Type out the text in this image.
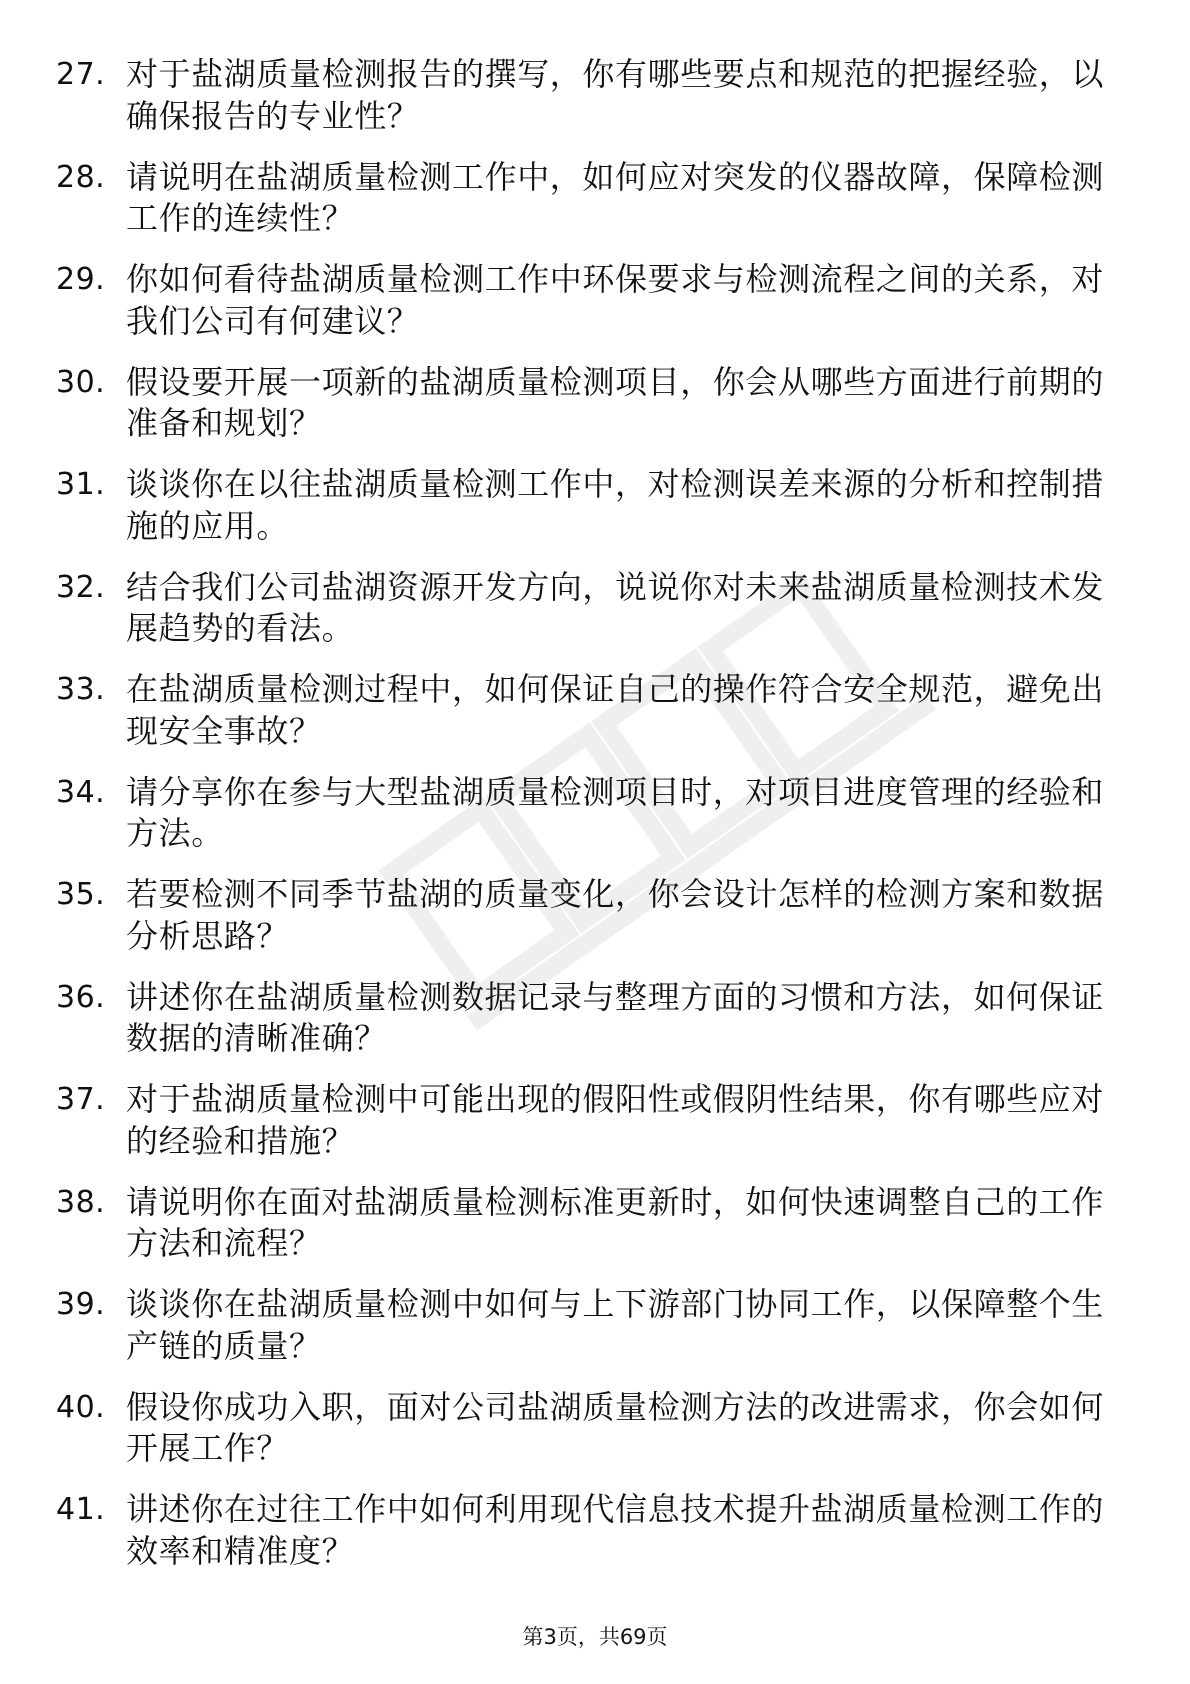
27. 对于盐湖质量检测报告的撰写，你有哪些要点和规范的把握经验，以确保报告的专业性？
28. 请说明在盐湖质量检测工作中，如何应对突发的仪器故障，保障检测工作的连续性？
29. 你如何看待盐湖质量检测工作中环保要求与检测流程之间的关系，对我们公司有何建议？
30. 假设要开展一项新的盐湖质量检测项目，你会从哪些方面进行前期的准备和规划？
31. 谈谈你在以往盐湖质量检测工作中，对检测误差来源的分析和控制措施的应用。
32. 结合我们公司盐湖资源开发方向，说说你对未来盐湖质量检测技术发展趋势的看法。
33. 在盐湖质量检测过程中，如何保证自己的操作符合安全规范，避免出现安全事故？
34. 请分享你在参与大型盐湖质量检测项目时，对项目进度管理的经验和方法。
35. 若要检测不同季节盐湖的质量变化，你会设计怎样的检测方案和数据分析思路？
36. 讲述你在盐湖质量检测数据记录与整理方面的习惯和方法，如何保证数据的清晰准确？
37. 对于盐湖质量检测中可能出现的假阳性或假阴性结果，你有哪些应对的经验和措施？
38. 请说明你在面对盐湖质量检测标准更新时，如何快速调整自己的工作方法和流程？
39. 谈谈你在盐湖质量检测中如何与上下游部门协同工作，以保障整个生产链的质量？
40. 假设你成功入职，面对公司盐湖质量检测方法的改进需求，你会如何开展工作？
41. 讲述你在过往工作中如何利用现代信息技术提升盐湖质量检测工作的效率和精准度？
第3页，共69页
